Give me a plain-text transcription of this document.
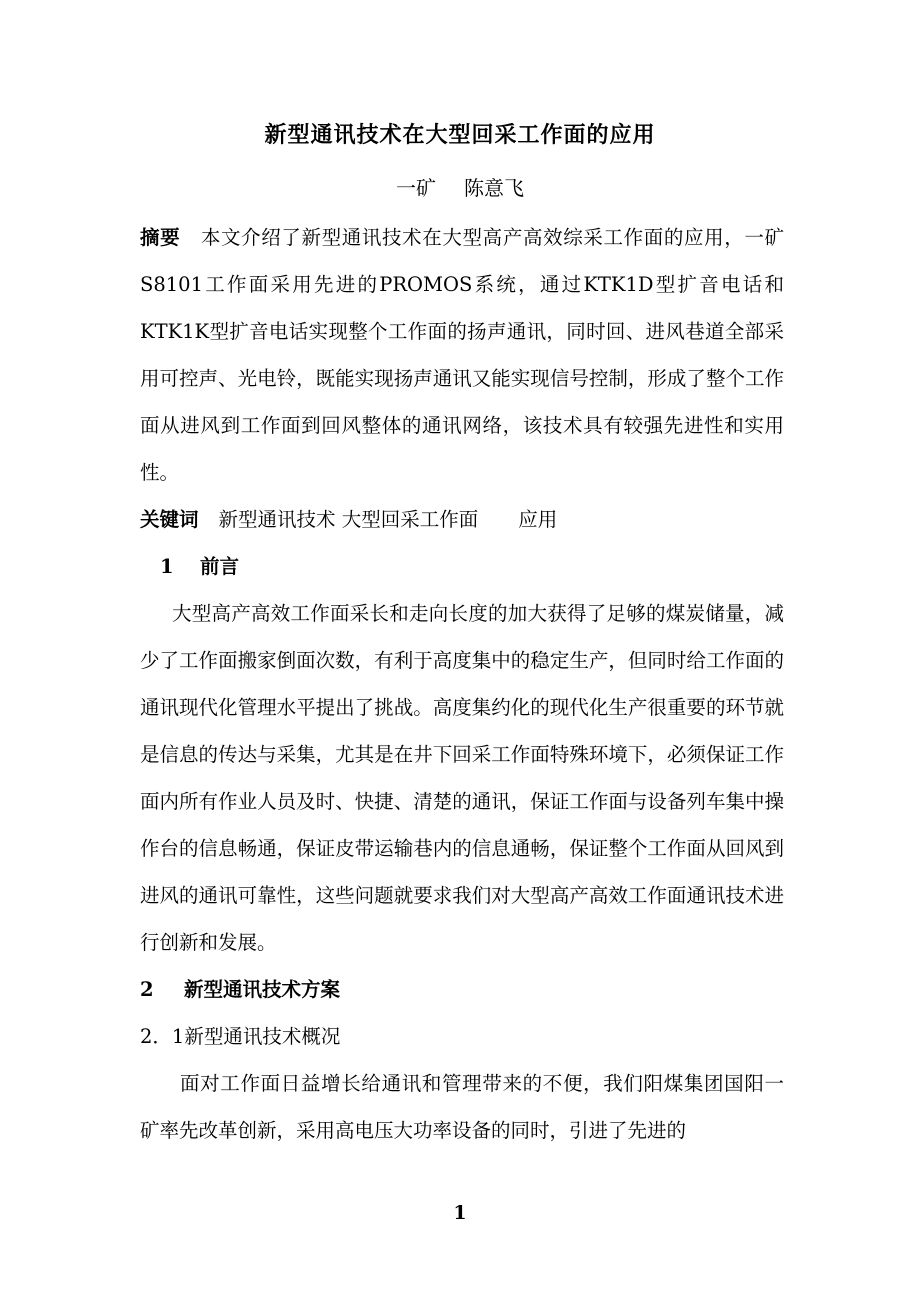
新型通讯技术在大型回采工作面的应用
一矿 陈意飞

摘要 本文介绍了新型通讯技术在大型高产高效综采工作面的应用，一矿S8101工作面采用先进的PROMOS系统，通过KTK1D型扩音电话和KTK1K型扩音电话实现整个工作面的扬声通讯，同时回、进风巷道全部采用可控声、光电铃，既能实现扬声通讯又能实现信号控制，形成了整个工作面从进风到工作面到回风整体的通讯网络，该技术具有较强先进性和实用性。

关键词 新型通讯技术 大型回采工作面 应用

1 前言

大型高产高效工作面采长和走向长度的加大获得了足够的煤炭储量，减少了工作面搬家倒面次数，有利于高度集中的稳定生产，但同时给工作面的通讯现代化管理水平提出了挑战。高度集约化的现代化生产很重要的环节就是信息的传达与采集，尤其是在井下回采工作面特殊环境下，必须保证工作面内所有作业人员及时、快捷、清楚的通讯，保证工作面与设备列车集中操作台的信息畅通，保证皮带运输巷内的信息通畅，保证整个工作面从回风到进风的通讯可靠性，这些问题就要求我们对大型高产高效工作面通讯技术进行创新和发展。

2 新型通讯技术方案

2．1新型通讯技术概况

面对工作面日益增长给通讯和管理带来的不便，我们阳煤集团国阳一矿率先改革创新，采用高电压大功率设备的同时，引进了先进的

1
